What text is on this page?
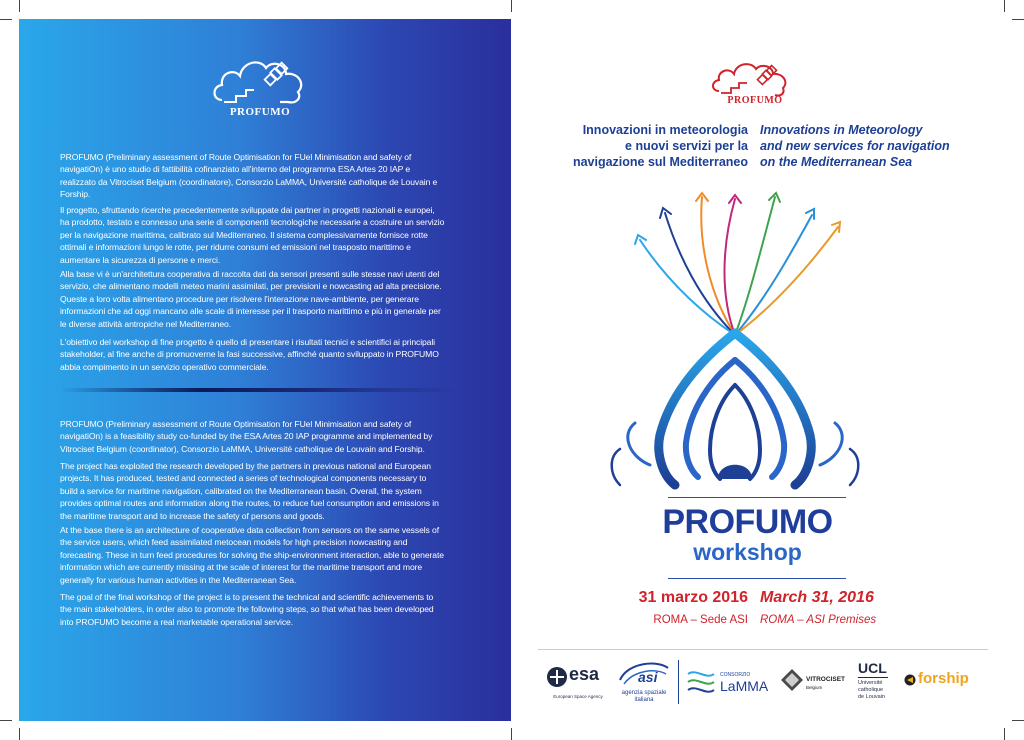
PROFUMO

PROFUMO (Preliminary assessment of Route Optimisation for FUel Minimisation and safety of navigatiOn) è uno studio di fattibilità cofinanziato all'interno del programma ESA Artes 20 IAP e realizzato da Vitrociset Belgium (coordinatore), Consorzio LaMMA, Université catholique de Louvain e Forship.

Il progetto, sfruttando ricerche precedentemente sviluppate dai partner in progetti nazionali e europei, ha prodotto, testato e connesso una serie di componenti tecnologiche necessarie a costruire un servizio per la navigazione marittima, calibrato sul Mediterraneo. Il sistema complessivamente fornisce rotte ottimali e informazioni lungo le rotte, per ridurre consumi ed emissioni nel trasposto marittimo e aumentare la sicurezza di persone e merci.

Alla base vi è un'architettura cooperativa di raccolta dati da sensori presenti sulle stesse navi utenti del servizio, che alimentano modelli meteo marini assimilati, per previsioni e nowcasting ad alta precisione. Queste a loro volta alimentano procedure per risolvere l'interazione nave-ambiente, per generare informazioni che ad oggi mancano alle scale di interesse per il trasporto marittimo e più in generale per le diverse attività antropiche nel Mediterraneo.

L'obiettivo del workshop di fine progetto è quello di presentare i risultati tecnici e scientifici ai principali stakeholder, al fine anche di promuoverne la fasi successive, affinché quanto sviluppato in PROFUMO abbia compimento in un servizio operativo commerciale.

PROFUMO (Preliminary assessment of Route Optimisation for FUel Minimisation and safety of navigatiOn) is a feasibility study co-funded by the ESA Artes 20 IAP programme and implemented by Vitrociset Belgium (coordinator), Consorzio LaMMA, Université catholique de Louvain and Forship.

The project has exploited the research developed by the partners in previous national and European projects. It has produced, tested and connected a series of technological components necessary to build a service for maritime navigation, calibrated on the Mediterranean basin. Overall, the system provides optimal routes and information along the routes, to reduce fuel consumption and emissions in the maritime transport and to increase the safety of persons and goods.

At the base there is an architecture of cooperative data collection from sensors on the same vessels of the service users, which feed assimilated metocean models for high precision nowcasting and forecasting. These in turn feed procedures for solving the ship-environment interaction, able to generate information which are currently missing at the scale of interest for the maritime transport and more generally for various human activities in the Mediterranean Sea.

The goal of the final workshop of the project is to present the technical and scientific achievements to the main stakeholders, in order also to promote the following steps, so that what has been developed into PROFUMO become a real marketable operational service.

PROFUMO
Innovazioni in meteorologia
e nuovi servizi per la
navigazione sul Mediterraneo
Innovations in Meteorology
and new services for navigation
on the Mediterranean Sea
PROFUMO
workshop
31 marzo 2016 March 31, 2016
ROMA – Sede ASI ROMA – ASI Premises
esa
European Space Agency
asi
agenzia spaziale
italiana
CONSORZIO
LaMMA	VITROCISET
Belgium
UCL
Université
catholique
de Louvain
forship
